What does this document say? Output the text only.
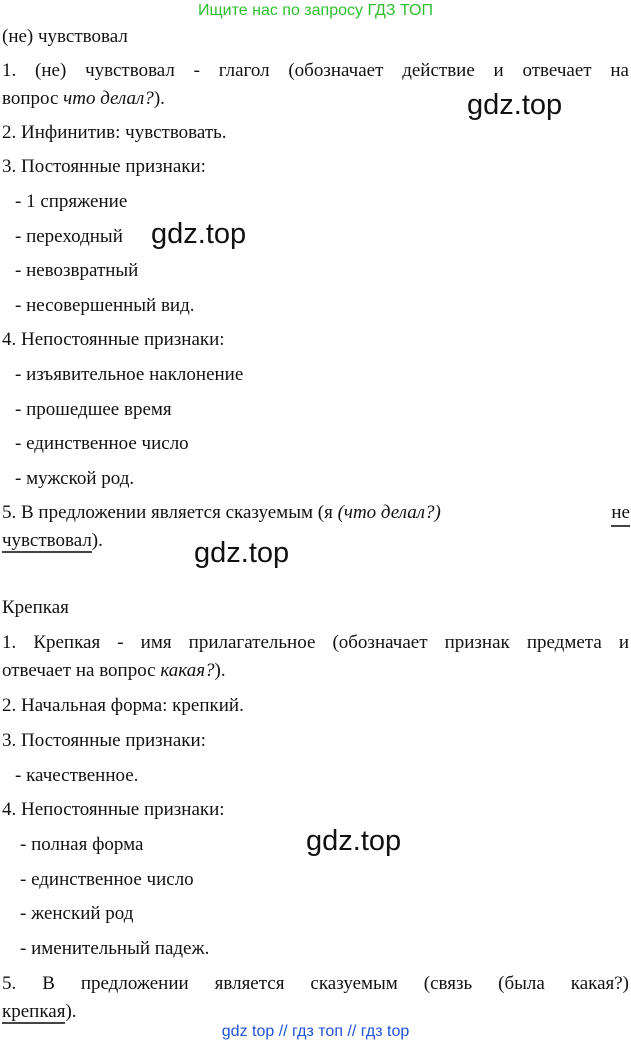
Ищите нас по запросу ГДЗ ТОП
gdz top // гдз топ // гдз top
gdz.top
gdz.top
gdz.top
gdz.top
(не) чувствовал
1. (не) чувствовал - глагол (обозначает действие и отвечает на
вопрос что делал?).
2. Инфинитив: чувствовать.
3. Постоянные признаки:
- 1 спряжение
- переходный
- невозвратный
- несовершенный вид.
4. Непостоянные признаки:
- изъявительное наклонение
- прошедшее время
- единственное число
- мужской род.
5. В предложении является сказуемым (я (что делал?)	не
чувствовал).
Крепкая
1. Крепкая - имя прилагательное (обозначает признак предмета и
отвечает на вопрос какая?).
2. Начальная форма: крепкий.
3. Постоянные признаки:
- качественное.
4. Непостоянные признаки:
- полная форма
- единственное число
- женский род
- именительный падеж.
5. В предложении является сказуемым (связь (была какая?)
крепкая).
